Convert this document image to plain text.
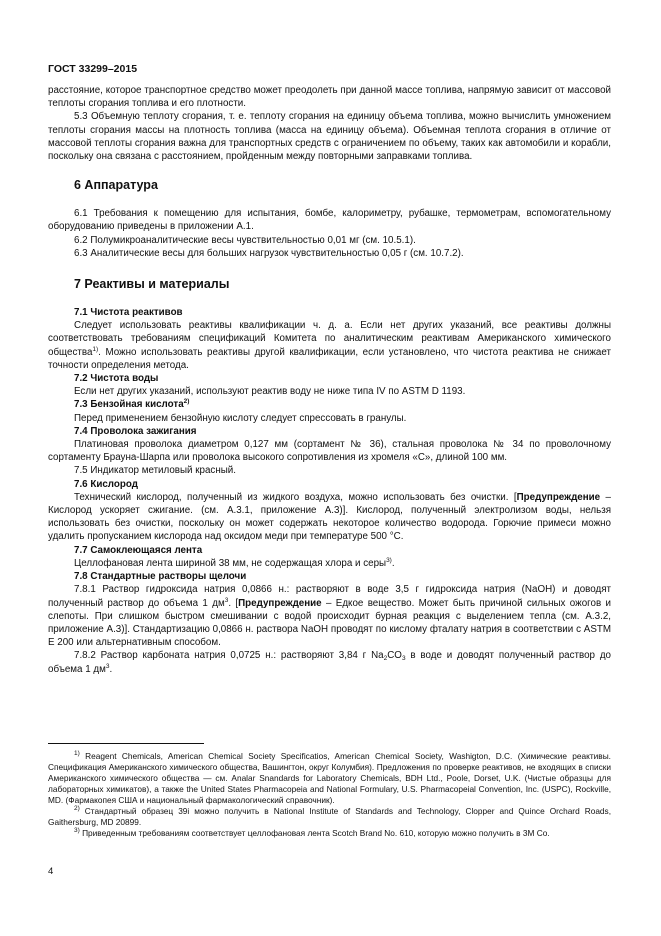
ГОСТ 33299–2015

расстояние, которое транспортное средство может преодолеть при данной массе топлива, напрямую зависит от массовой теплоты сгорания топлива и его плотности.

5.3 Объемную теплоту сгорания, т. е. теплоту сгорания на единицу объема топлива, можно вычислить умножением теплоты сгорания массы на плотность топлива (масса на единицу объема). Объемная теплота сгорания в отличие от массовой теплоты сгорания важна для транспортных средств с ограничением по объему, таких как автомобили и корабли, поскольку она связана с расстоянием, пройденным между повторными заправками топлива.

6 Аппаратура

6.1 Требования к помещению для испытания, бомбе, калориметру, рубашке, термометрам, вспомогательному оборудованию приведены в приложении А.1.

6.2 Полумикроаналитические весы чувствительностью 0,01 мг (см. 10.5.1).

6.3 Аналитические весы для больших нагрузок чувствительностью 0,05 г (см. 10.7.2).

7 Реактивы и материалы

7.1 Чистота реактивов

Следует использовать реактивы квалификации ч. д. а. Если нет других указаний, все реактивы должны соответствовать требованиям спецификаций Комитета по аналитическим реактивам Американского химического общества$^{1)}$. Можно использовать реактивы другой квалификации, если установлено, что чистота реактива не снижает точности определения метода.

7.2 Чистота воды

Если нет других указаний, используют реактив воду не ниже типа IV по ASTM D 1193.

7.3 Бензойная кислота$^{2)}$

Перед применением бензойную кислоту следует спрессовать в гранулы.

7.4 Проволока зажигания

Платиновая проволока диаметром 0,127 мм (сортамент № 36), стальная проволока № 34 по проволочному сортаменту Брауна-Шарпа или проволока высокого сопротивления из хромеля «С», длиной 100 мм.

7.5 Индикатор метиловый красный.

7.6 Кислород

Технический кислород, полученный из жидкого воздуха, можно использовать без очистки. [Предупреждение – Кислород ускоряет сжигание. (см. А.3.1, приложение А.3)]. Кислород, полученный электролизом воды, нельзя использовать без очистки, поскольку он может содержать некоторое количество водорода. Горючие примеси можно удалить пропусканием кислорода над оксидом меди при температуре 500 °С.

7.7 Самоклеющаяся лента

Целлофановая лента шириной 38 мм, не содержащая хлора и серы$^{3)}$.

7.8 Стандартные растворы щелочи

7.8.1 Раствор гидроксида натрия 0,0866 н.: растворяют в воде 3,5 г гидроксида натрия (NaOH) и доводят полученный раствор до объема 1 $дм^3$. [Предупреждение – Едкое вещество. Может быть причиной сильных ожогов и слепоты. При слишком быстром смешивании с водой происходит бурная реакция с выделением тепла (см. А.3.2, приложение А.3)]. Стандартизацию 0,0866 н. раствора NaOH проводят по кислому фталату натрия в соответствии с ASTM E 200 или альтернативным способом.

7.8.2 Раствор карбоната натрия 0,0725 н.: растворяют 3,84 г $Na_2CO_3$ в воде и доводят полученный раствор до объема 1 $дм^3$.

$^{1)}$ Reagent Chemicals, American Chemical Society Specificatios, American Chemical Society, Washigton, D.C. (Химические реактивы. Спецификация Американского химического общества, Вашингтон, округ Колумбия). Предложения по проверке реактивов, не входящих в списки Американского химического общества — см. Analar Snandards for Laboratory Chemicals, BDH Ltd., Poole, Dorset, U.K. (Чистые образцы для лабораторных химикатов), а также the United States Pharmacopeia and National Formulary, U.S. Pharmacopeial Convention, Inc. (USPC), Rockville, MD. (Фармакопея США и национальный фармакологический справочник).

$^{2)}$ Стандартный образец 39i можно получить в National Institute of Standards and Technology, Clopper and Quince Orchard Roads, Gaithersburg, MD 20899.

$^{3)}$ Приведенным требованиям соответствует целлофановая лента Scotch Brand No. 610, которую можно получить в 3M Co.

4
